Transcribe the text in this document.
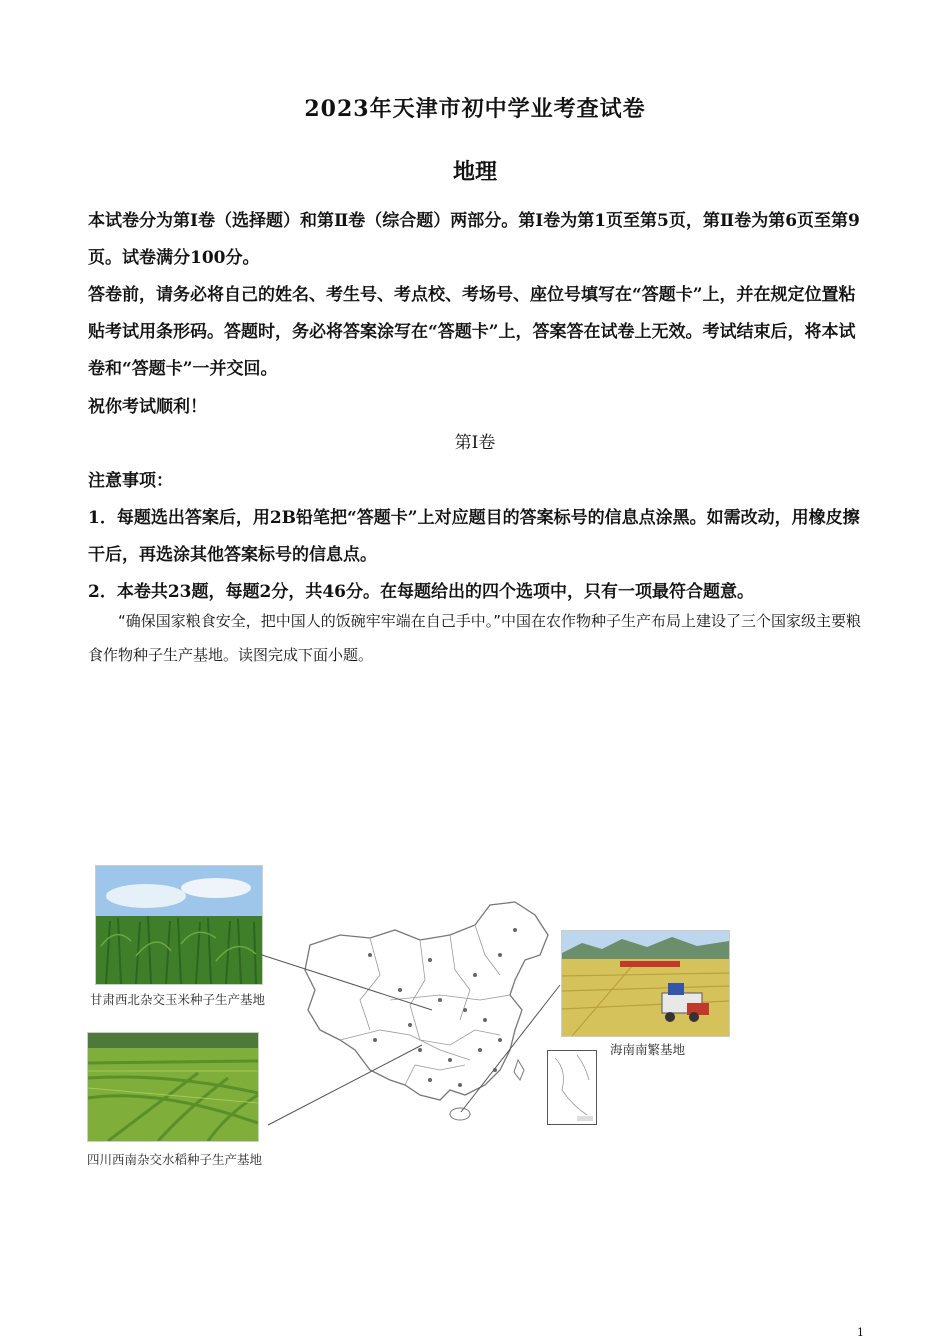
2023年天津市初中学业考查试卷
地理
本试卷分为第Ⅰ卷（选择题）和第Ⅱ卷（综合题）两部分。第Ⅰ卷为第1页至第5页，第Ⅱ卷为第6页至第9页。试卷满分100分。
答卷前，请务必将自己的姓名、考生号、考点校、考场号、座位号填写在“答题卡”上，并在规定位置粘贴考试用条形码。答题时，务必将答案涂写在“答题卡”上，答案答在试卷上无效。考试结束后，将本试卷和“答题卡”一并交回。
祝你考试顺利！
第Ⅰ卷
注意事项：
1．每题选出答案后，用2B铅笔把“答题卡”上对应题目的答案标号的信息点涂黑。如需改动，用橡皮擦干后，再选涂其他答案标号的信息点。
2．本卷共23题，每题2分，共46分。在每题给出的四个选项中，只有一项最符合题意。
“确保国家粮食安全，把中国人的饭碗牢牢端在自己手中。”中国在农作物种子生产布局上建设了三个国家级主要粮食作物种子生产基地。读图完成下面小题。
甘肃西北杂交玉米种子生产基地
四川西南杂交水稻种子生产基地
海南南繁基地
1
